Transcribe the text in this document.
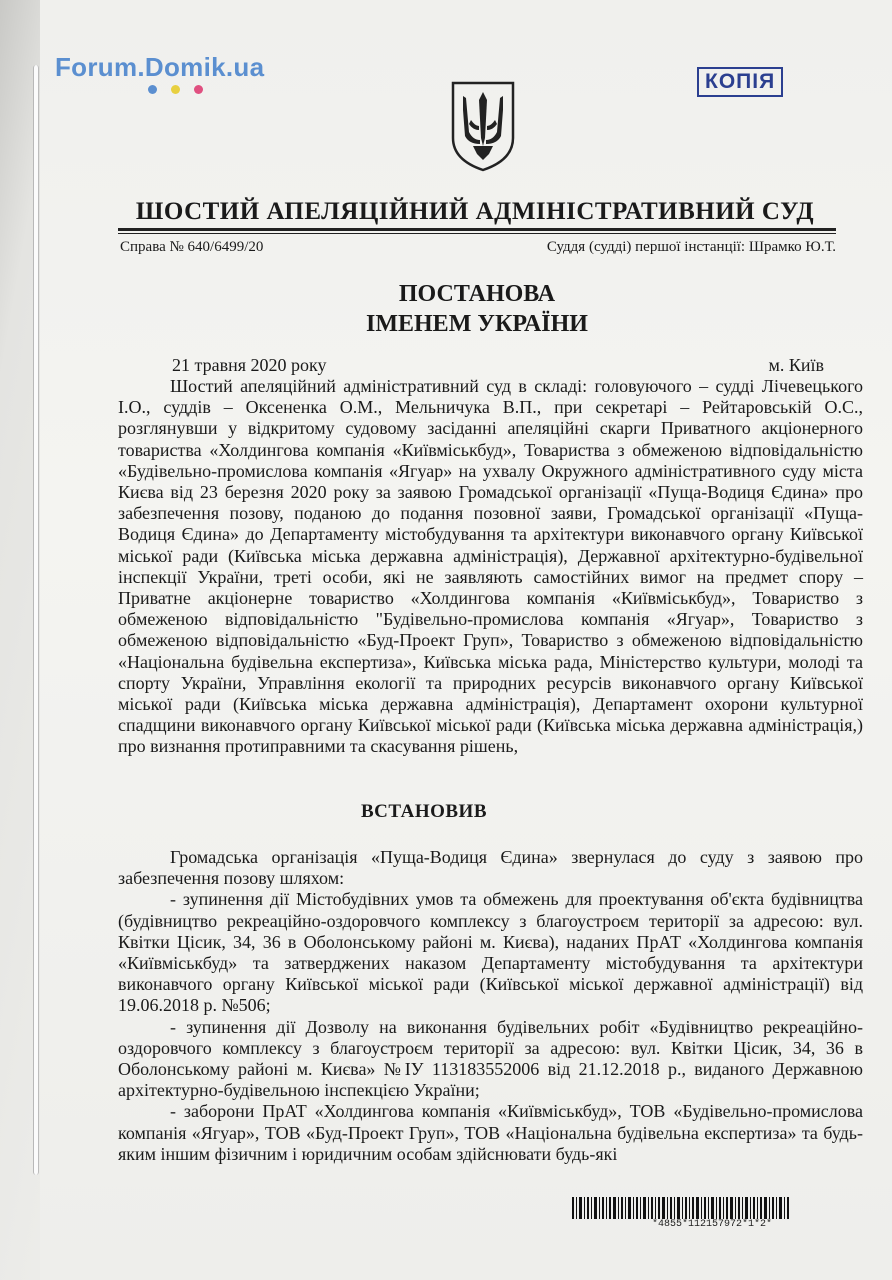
Forum.Domik.ua	КОПІЯ
ШОСТИЙ АПЕЛЯЦІЙНИЙ АДМІНІСТРАТИВНИЙ СУД
Справа № 640/6499/20	Суддя (судді) першої інстанції: Шрамко Ю.Т.
ПОСТАНОВА
ІМЕНЕМ УКРАЇНИ
21 травня 2020 року	м. Київ

Шостий апеляційний адміністративний суд в складі: головуючого – судді Лічевецького І.О., суддів – Оксененка О.М., Мельничука В.П., при секретарі – Рейтаровській О.С., розглянувши у відкритому судовому засіданні апеляційні скарги Приватного акціонерного товариства «Холдингова компанія «Київміськбуд», Товариства з обмеженою відповідальністю «Будівельно-промислова компанія «Ягуар» на ухвалу Окружного адміністративного суду міста Києва від 23 березня 2020 року за заявою Громадської організації «Пуща-Водиця Єдина» про забезпечення позову, поданою до подання позовної заяви, Громадської організації «Пуща-Водиця Єдина» до Департаменту містобудування та архітектури виконавчого органу Київської міської ради (Київська міська державна адміністрація), Державної архітектурно-будівельної інспекції України, треті особи, які не заявляють самостійних вимог на предмет спору – Приватне акціонерне товариство «Холдингова компанія «Київміськбуд», Товариство з обмеженою відповідальністю "Будівельно-промислова компанія «Ягуар», Товариство з обмеженою відповідальністю «Буд-Проект Груп», Товариство з обмеженою відповідальністю «Національна будівельна експертиза», Київська міська рада, Міністерство культури, молоді та спорту України, Управління екології та природних ресурсів виконавчого органу Київської міської ради (Київська міська державна адміністрація), Департамент охорони культурної спадщини виконавчого органу Київської міської ради (Київська міська державна адміністрація,) про визнання протиправними та скасування рішень,

ВСТАНОВИВ

Громадська організація «Пуща-Водиця Єдина» звернулася до суду з заявою про забезпечення позову шляхом:

- зупинення дії Містобудівних умов та обмежень для проектування об'єкта будівництва (будівництво рекреаційно-оздоровчого комплексу з благоустроєм території за адресою: вул. Квітки Цісик, 34, 36 в Оболонському районі м. Києва), наданих ПрАТ «Холдингова компанія «Київміськбуд» та затверджених наказом Департаменту містобудування та архітектури виконавчого органу Київської міської ради (Київської міської державної адміністрації) від 19.06.2018 р. №506;

- зупинення дії Дозволу на виконання будівельних робіт «Будівництво рекреаційно-оздоровчого комплексу з благоустроєм території за адресою: вул. Квітки Цісик, 34, 36 в Оболонському районі м. Києва» №ІУ 113183552006 від 21.12.2018 р., виданого Державною архітектурно-будівельною інспекцією України;

- заборони ПрАТ «Холдингова компанія «Київміськбуд», ТОВ «Будівельно-промислова компанія «Ягуар», ТОВ «Буд-Проект Груп», ТОВ «Національна будівельна експертиза» та будь-яким іншим фізичним і юридичним особам здійснювати будь-які

*4855*112157972*1*2*
